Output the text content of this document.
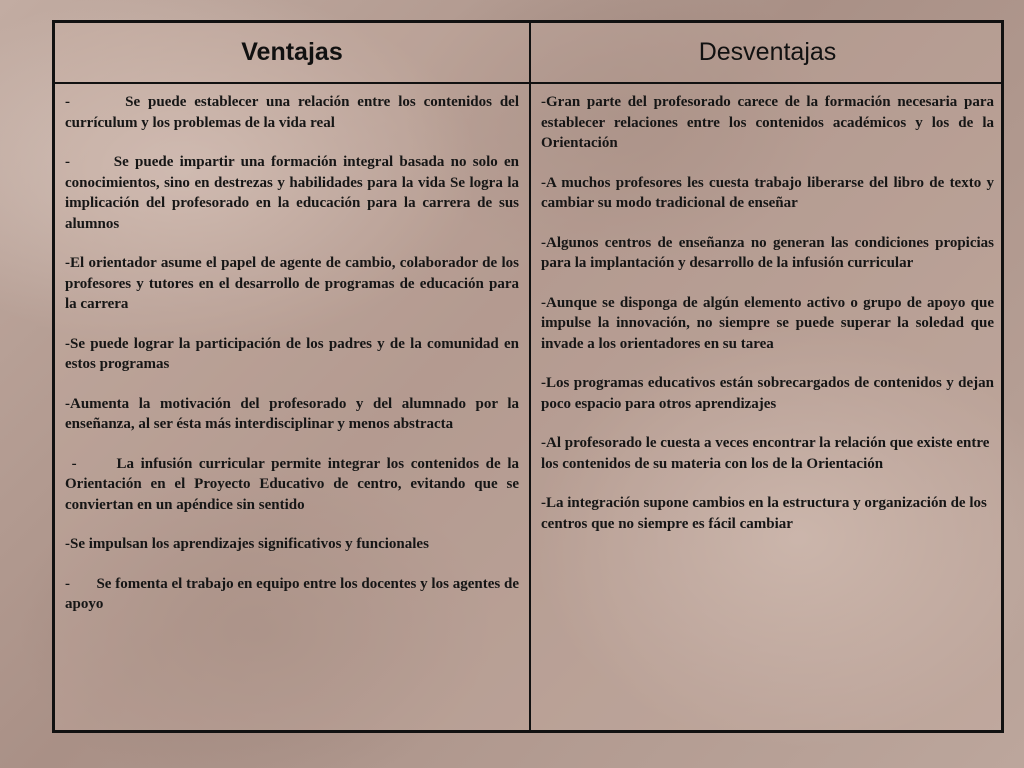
Ventajas	Desventajas

-       Se puede establecer una relación entre los contenidos del currículum y los problemas de la vida real

-       Se puede impartir una formación integral basada no solo en conocimientos, sino en destrezas y habilidades para la vida Se logra la implicación del profesorado en la educación para la carrera de sus alumnos

-El orientador asume el papel de agente de cambio, colaborador de los profesores y tutores en el desarrollo de programas de educación para la carrera

-Se puede lograr la participación de los padres y de la comunidad en estos programas

-Aumenta la motivación del profesorado y del alumnado por la enseñanza, al ser ésta más interdisciplinar y menos abstracta

-      La infusión curricular permite integrar los contenidos de la Orientación en el Proyecto Educativo de centro, evitando que se conviertan en un apéndice sin sentido

-Se impulsan los aprendizajes significativos y funcionales

-       Se fomenta el trabajo en equipo entre los docentes y los agentes de apoyo

-Gran parte del profesorado carece de la formación necesaria para establecer relaciones entre los contenidos académicos y los de la Orientación

-A muchos profesores les cuesta trabajo liberarse del libro de texto y cambiar su modo tradicional de enseñar

-Algunos centros de enseñanza no generan las condiciones propicias para la implantación y desarrollo de la infusión curricular

-Aunque se disponga de algún elemento activo o grupo de apoyo que impulse la innovación, no siempre se puede superar la soledad que invade a los orientadores en su tarea

-Los programas educativos están sobrecargados de contenidos y dejan poco espacio para otros aprendizajes

-Al profesorado le cuesta a veces encontrar la relación que existe entre los contenidos de su materia con los de la Orientación

-La integración supone cambios en la estructura y organización de los centros que no siempre es fácil cambiar
